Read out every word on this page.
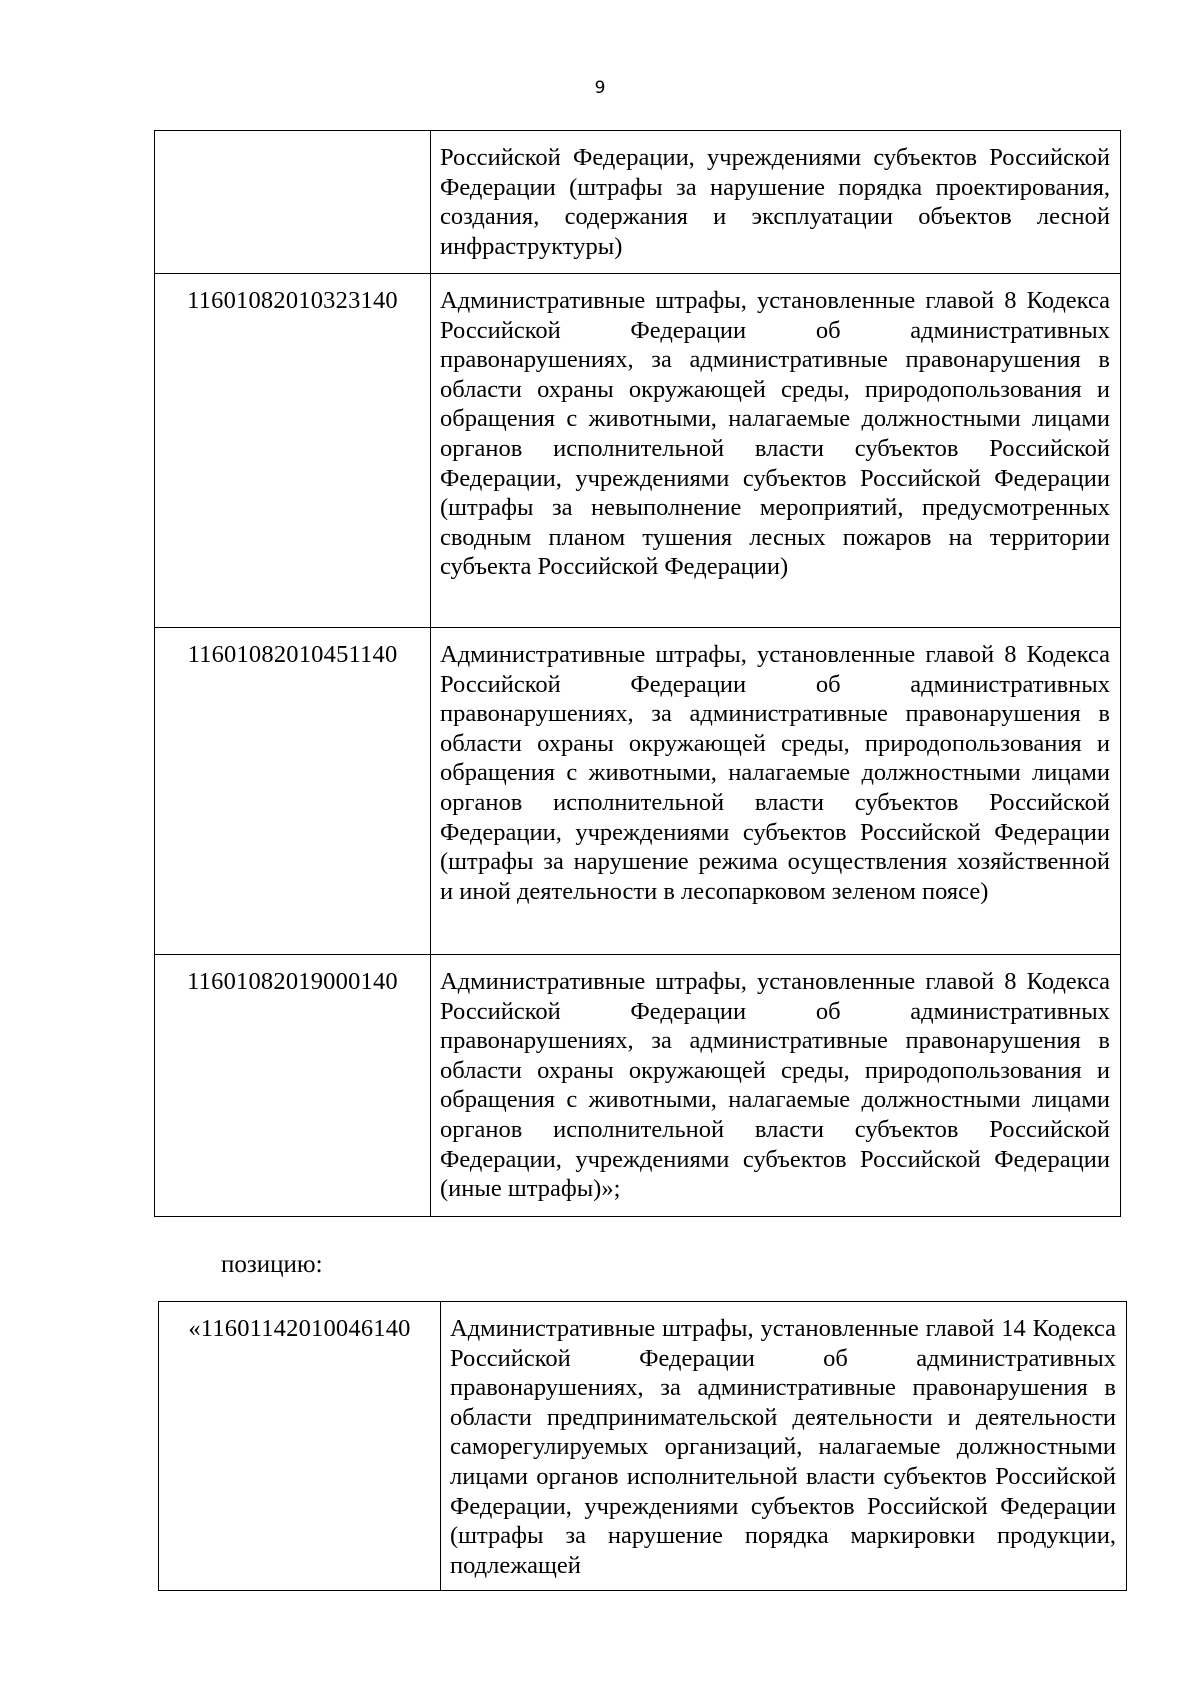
9
	Российской Федерации, учреждениями субъектов Российской Федерации (штрафы за нарушение порядка проектирования, создания, содержания и эксплуатации объектов лесной инфраструктуры)
11601082010323140	Административные штрафы, установленные главой 8 Кодекса Российской Федерации об административных правонарушениях, за административные правонарушения в области охраны окружающей среды, природопользования и обращения с животными, налагаемые должностными лицами органов исполнительной власти субъектов Российской Федерации, учреждениями субъектов Российской Федерации (штрафы за невыполнение мероприятий, предусмотренных сводным планом тушения лесных пожаров на территории субъекта Российской Федерации)
11601082010451140	Административные штрафы, установленные главой 8 Кодекса Российской Федерации об административных правонарушениях, за административные правонарушения в области охраны окружающей среды, природопользования и обращения с животными, налагаемые должностными лицами органов исполнительной власти субъектов Российской Федерации, учреждениями субъектов Российской Федерации (штрафы за нарушение режима осуществления хозяйственной и иной деятельности в лесопарковом зеленом поясе)
11601082019000140	Административные штрафы, установленные главой 8 Кодекса Российской Федерации об административных правонарушениях, за административные правонарушения в области охраны окружающей среды, природопользования и обращения с животными, налагаемые должностными лицами органов исполнительной власти субъектов Российской Федерации, учреждениями субъектов Российской Федерации (иные штрафы)»;
позицию:
«11601142010046140	Административные штрафы, установленные главой 14 Кодекса Российской Федерации об административных правонарушениях, за административные правонарушения в области предпринимательской деятельности и деятельности саморегулируемых организаций, налагаемые должностными лицами органов исполнительной власти субъектов Российской Федерации, учреждениями субъектов Российской Федерации (штрафы за нарушение порядка маркировки продукции, подлежащей
